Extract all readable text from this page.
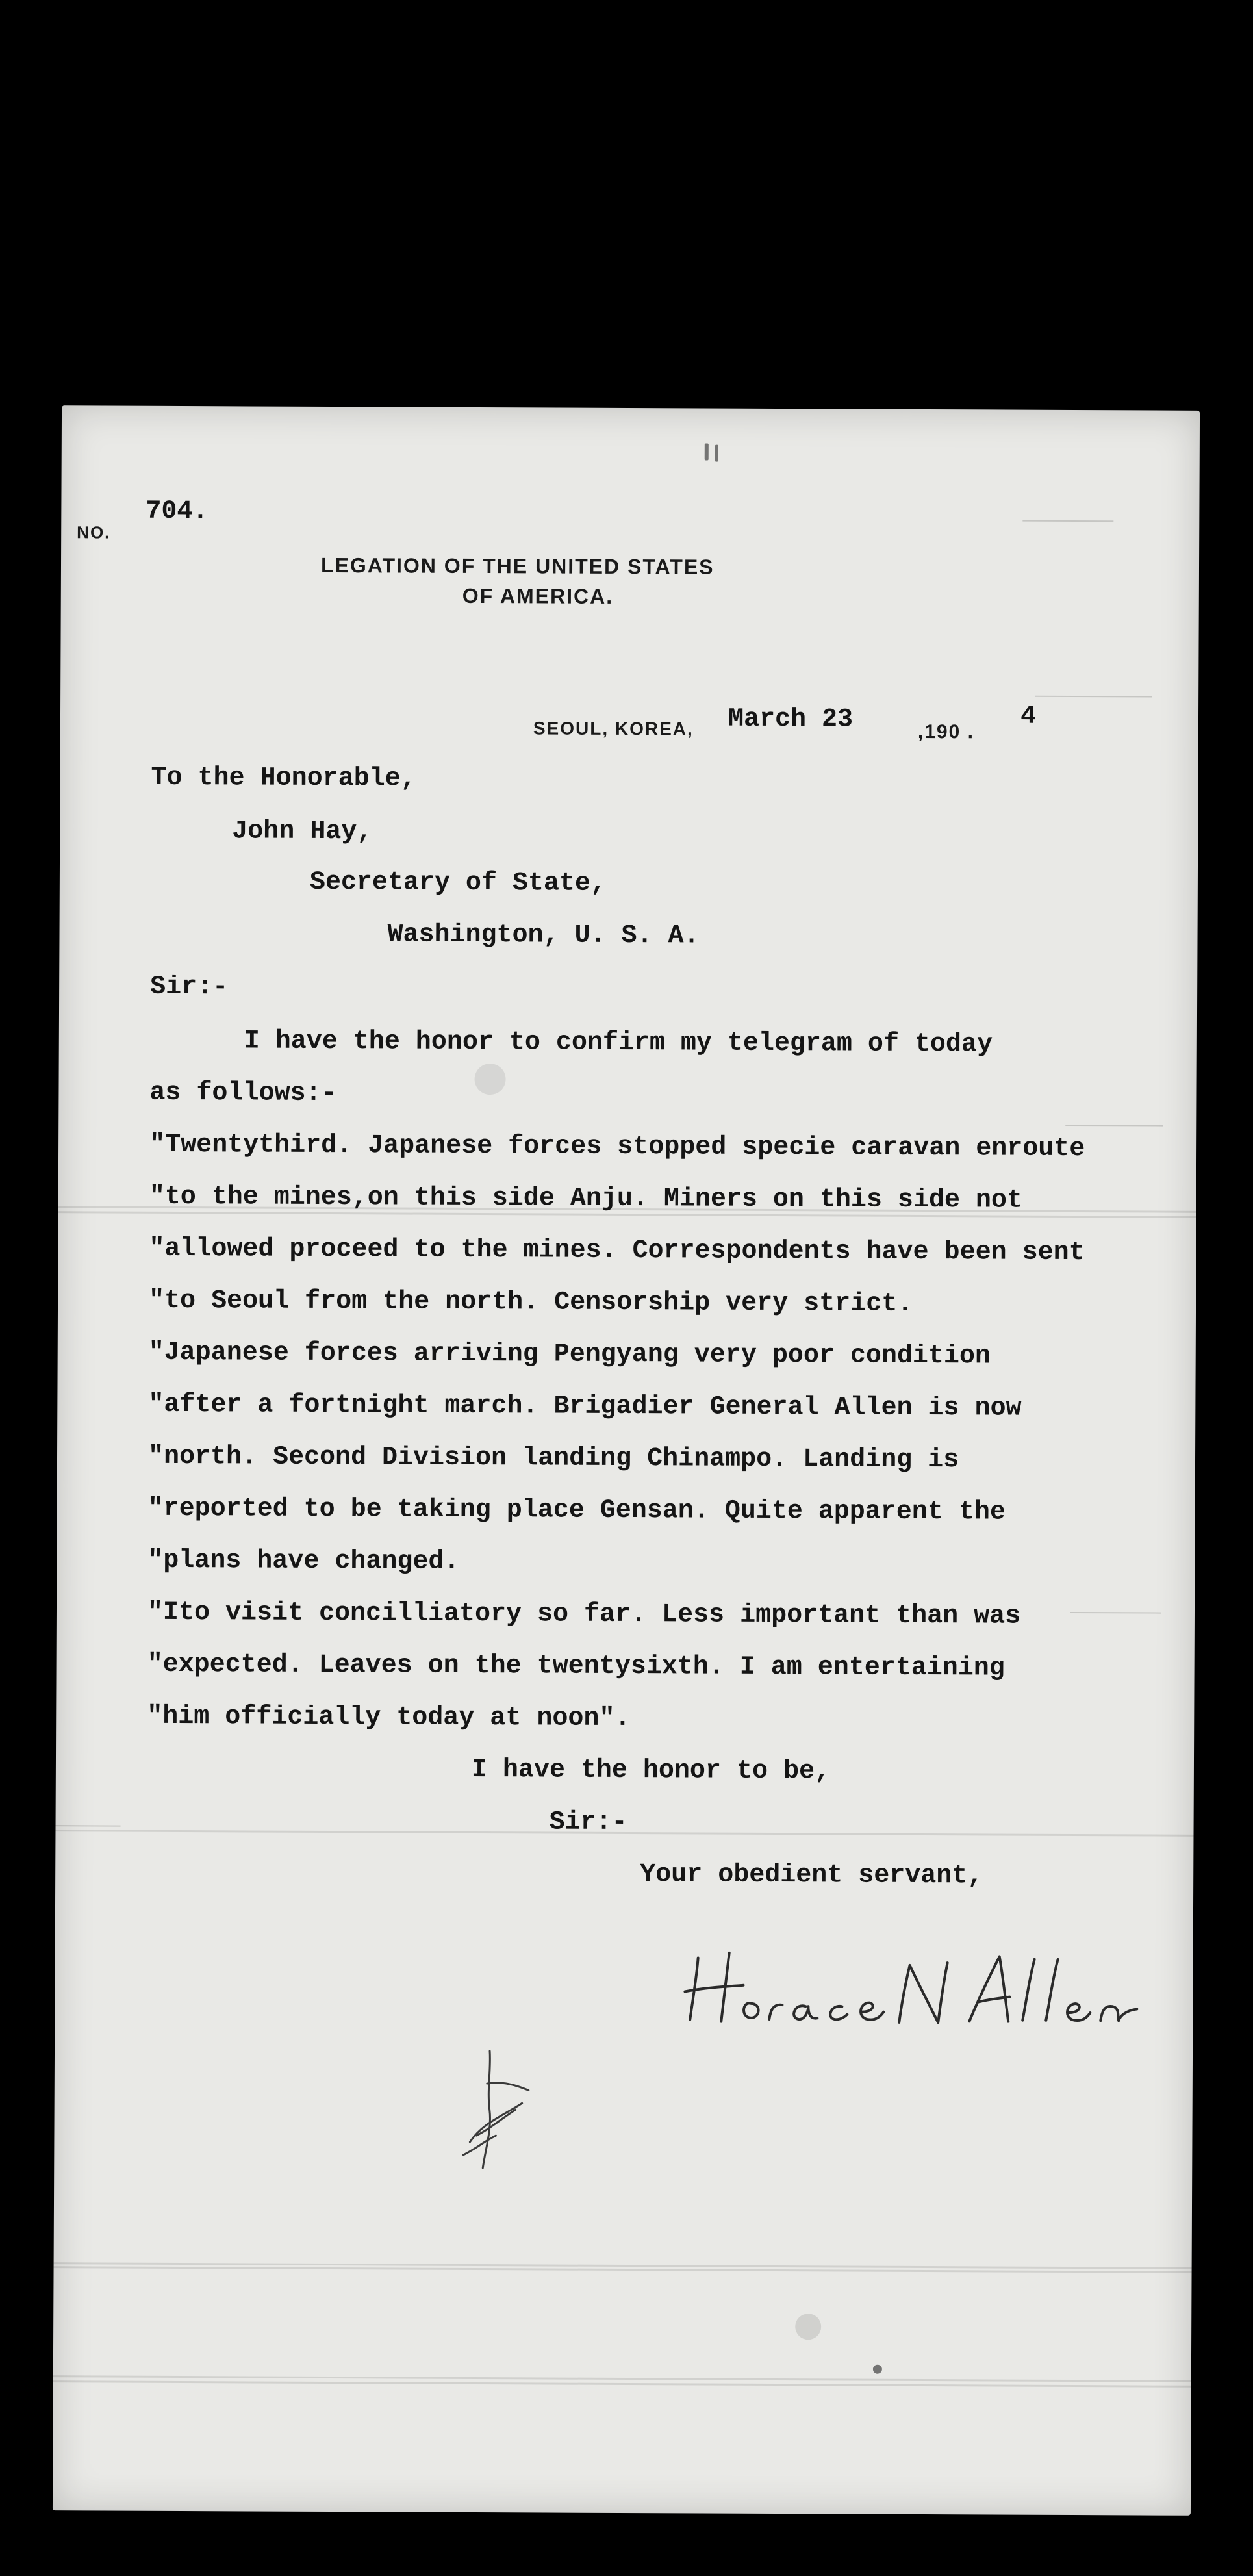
NO.
704.
LEGATION OF THE UNITED STATES
OF AMERICA.
SEOUL, KOREA, March 23	,190 .
4
To the Honorable,
John Hay,
Secretary of State,
Washington, U. S. A.
Sir:-
I have the honor to confirm my telegram of today
as follows:-
"Twentythird. Japanese forces stopped specie caravan enroute
"to the mines,on this side Anju. Miners on this side not
"allowed proceed to the mines. Correspondents have been sent
"to Seoul from the north. Censorship very strict.
"Japanese forces arriving Pengyang very poor condition
"after a fortnight march. Brigadier General Allen is now
"north. Second Division landing Chinampo. Landing is
"reported to be taking place Gensan. Quite apparent the
"plans have changed.
"Ito visit concilliatory so far. Less important than was
"expected. Leaves on the twentysixth. I am entertaining
"him officially today at noon".
I have the honor to be,
Sir:-
Your obedient servant,
